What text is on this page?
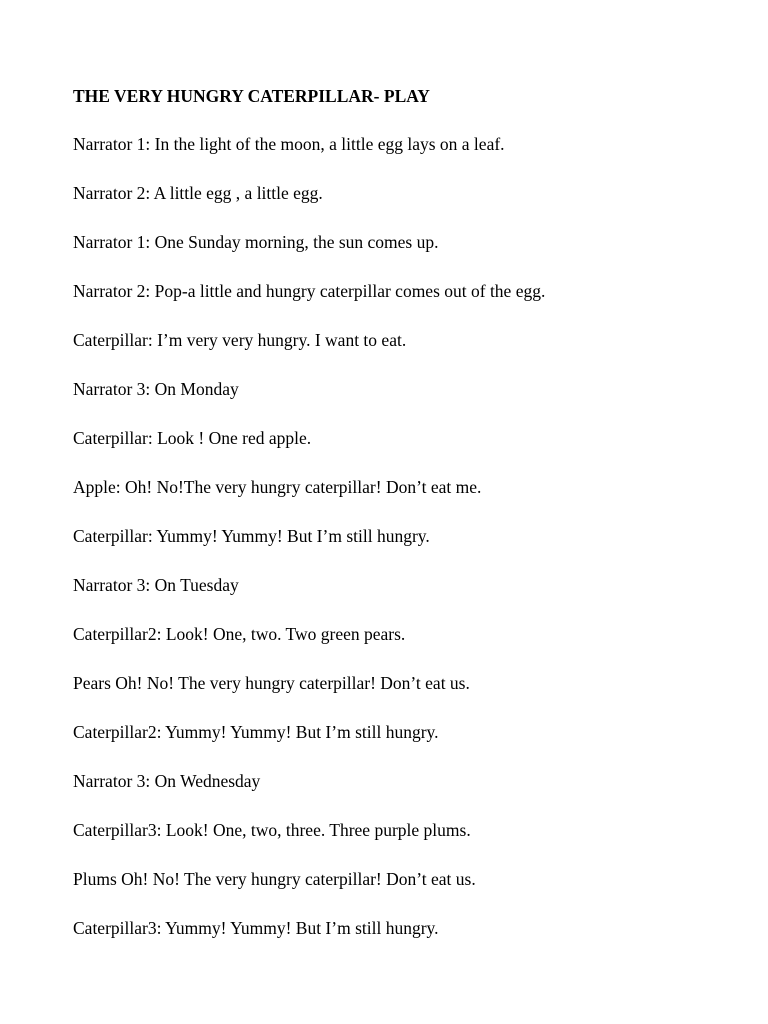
THE VERY HUNGRY CATERPILLAR- PLAY
Narrator 1: In the light of the moon, a little egg lays on a leaf.
Narrator 2: A little egg , a little egg.
Narrator 1: One Sunday morning, the sun comes up.
Narrator 2: Pop-a little and hungry caterpillar comes out of the egg.
Caterpillar: I’m very very hungry. I want to eat.
Narrator 3: On Monday
Caterpillar: Look ! One red apple.
Apple: Oh! No!The very hungry caterpillar! Don’t eat me.
Caterpillar: Yummy! Yummy! But I’m still hungry.
Narrator 3: On Tuesday
Caterpillar2: Look! One, two. Two green pears.
Pears Oh! No! The very hungry caterpillar! Don’t eat us.
Caterpillar2: Yummy! Yummy! But I’m still hungry.
Narrator 3: On Wednesday
Caterpillar3: Look! One, two, three. Three purple plums.
Plums Oh! No! The very hungry caterpillar! Don’t eat us.
Caterpillar3: Yummy! Yummy! But I’m still hungry.
